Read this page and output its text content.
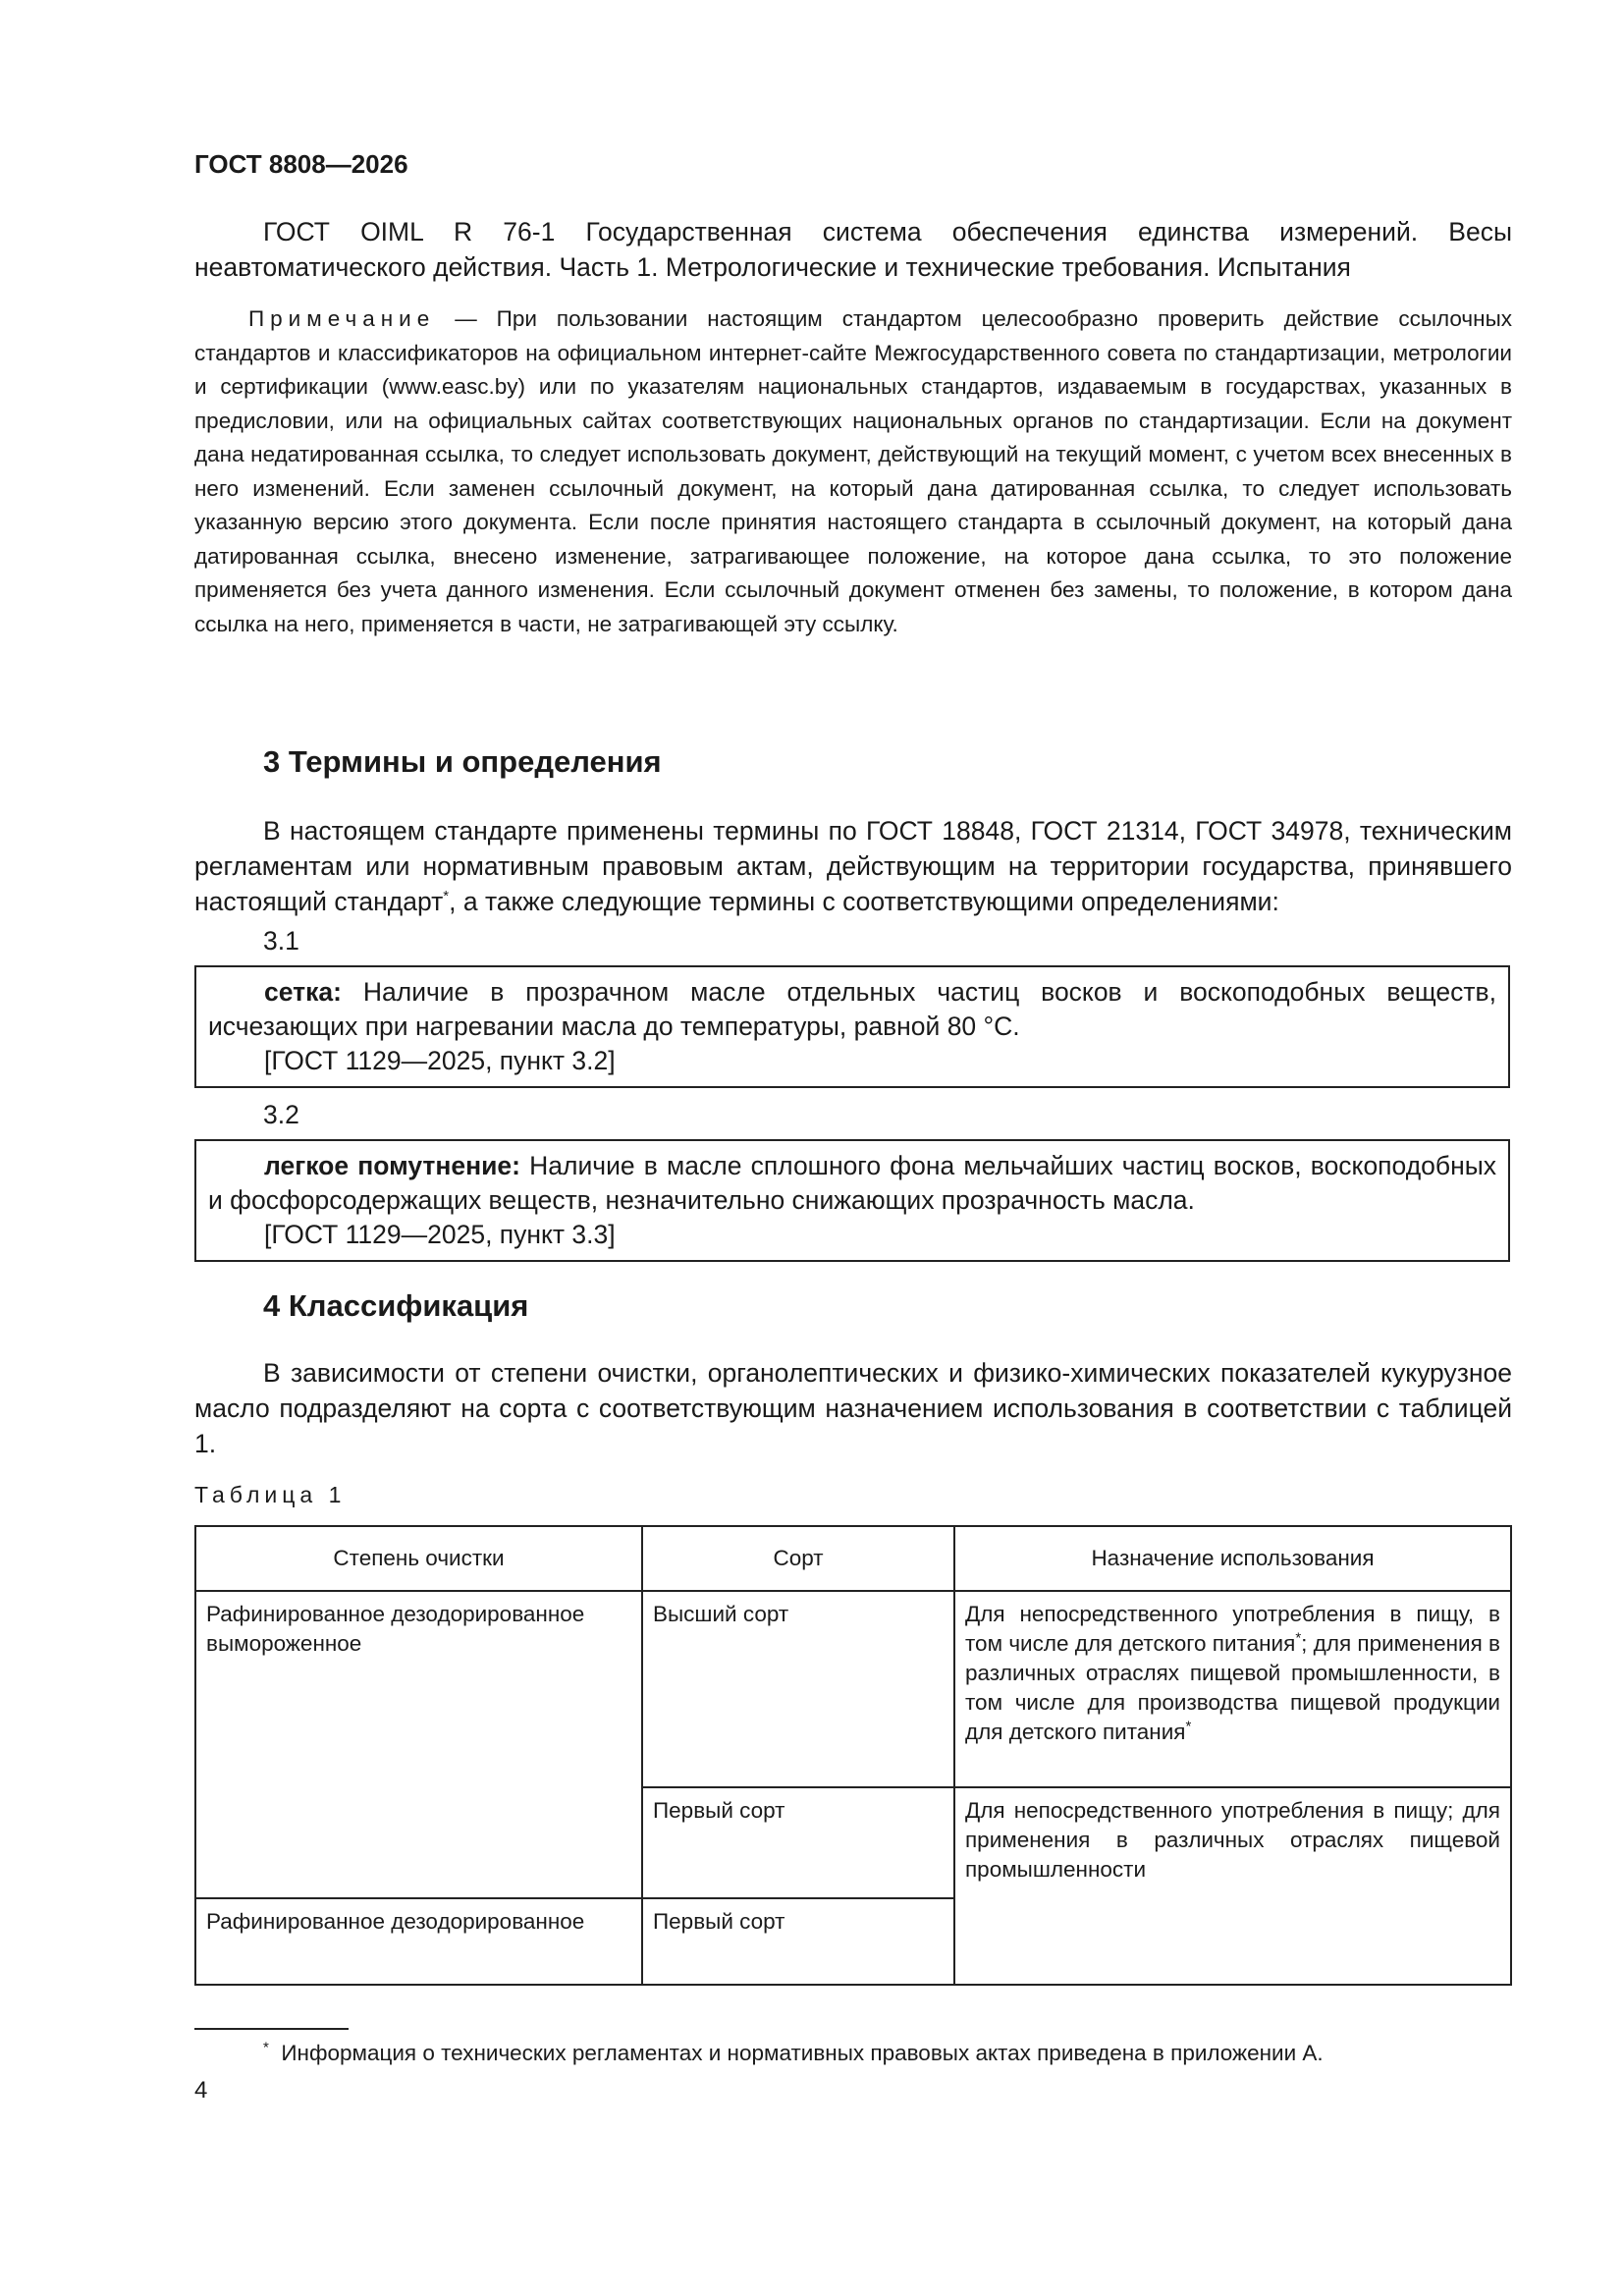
ГОСТ 8808—2026

ГОСТ OIML R 76-1 Государственная система обеспечения единства измерений. Весы неавтоматического действия. Часть 1. Метрологические и технические требования. Испытания

Примечание — При пользовании настоящим стандартом целесообразно проверить действие ссылочных стандартов и классификаторов на официальном интернет-сайте Межгосударственного совета по стандартизации, метрологии и сертификации (www.easc.by) или по указателям национальных стандартов, издаваемым в государствах, указанных в предисловии, или на официальных сайтах соответствующих национальных органов по стандартизации. Если на документ дана недатированная ссылка, то следует использовать документ, действующий на текущий момент, с учетом всех внесенных в него изменений. Если заменен ссылочный документ, на который дана датированная ссылка, то следует использовать указанную версию этого документа. Если после принятия настоящего стандарта в ссылочный документ, на который дана датированная ссылка, внесено изменение, затрагивающее положение, на которое дана ссылка, то это положение применяется без учета данного изменения. Если ссылочный документ отменен без замены, то положение, в котором дана ссылка на него, применяется в части, не затрагивающей эту ссылку.

3 Термины и определения

В настоящем стандарте применены термины по ГОСТ 18848, ГОСТ 21314, ГОСТ 34978, техническим регламентам или нормативным правовым актам, действующим на территории государства, принявшего настоящий стандарт*, а также следующие термины с соответствующими определениями:

3.1

сетка: Наличие в прозрачном масле отдельных частиц восков и воскоподобных веществ, исчезающих при нагревании масла до температуры, равной 80 °С.

[ГОСТ 1129—2025, пункт 3.2]

3.2

легкое помутнение: Наличие в масле сплошного фона мельчайших частиц восков, воскоподобных и фосфорсодержащих веществ, незначительно снижающих прозрачность масла.

[ГОСТ 1129—2025, пункт 3.3]

4 Классификация

В зависимости от степени очистки, органолептических и физико-химических показателей кукурузное масло подразделяют на сорта с соответствующим назначением использования в соответствии с таблицей 1.

Таблица 1

Степень очистки	Сорт	Назначение использования
Рафинированное дезодорированное вымороженное	Высший сорт	Для непосредственного употребления в пищу, в том числе для детского питания*; для применения в различных отраслях пищевой промышленности, в том числе для производства пищевой продукции для детского питания*
	Первый сорт	Для непосредственного употребления в пищу; для применения в различных отраслях пищевой промышленности
Рафинированное дезодорированное	Первый сорт	

* Информация о технических регламентах и нормативных правовых актах приведена в приложении А.

4
